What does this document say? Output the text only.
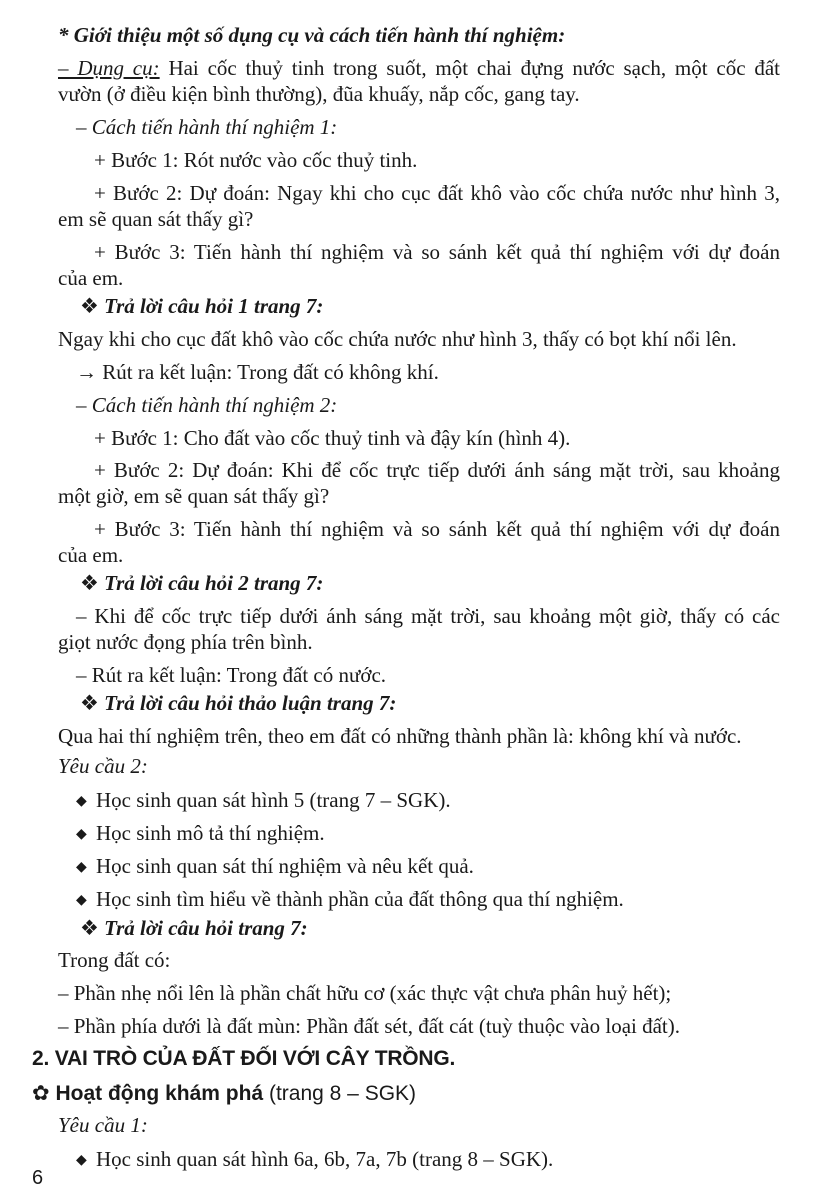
* Giới thiệu một số dụng cụ và cách tiến hành thí nghiệm:
– Dụng cụ: Hai cốc thuỷ tinh trong suốt, một chai đựng nước sạch, một cốc đất
vườn (ở điều kiện bình thường), đũa khuấy, nắp cốc, gang tay.
– Cách tiến hành thí nghiệm 1:
+ Bước 1: Rót nước vào cốc thuỷ tinh.
+ Bước 2: Dự đoán: Ngay khi cho cục đất khô vào cốc chứa nước như hình 3,
em sẽ quan sát thấy gì?
+ Bước 3: Tiến hành thí nghiệm và so sánh kết quả thí nghiệm với dự đoán
của em.
❖ Trả lời câu hỏi 1 trang 7:
Ngay khi cho cục đất khô vào cốc chứa nước như hình 3, thấy có bọt khí nổi lên.
→ Rút ra kết luận: Trong đất có không khí.
– Cách tiến hành thí nghiệm 2:
+ Bước 1: Cho đất vào cốc thuỷ tinh và đậy kín (hình 4).
+ Bước 2: Dự đoán: Khi để cốc trực tiếp dưới ánh sáng mặt trời, sau khoảng
một giờ, em sẽ quan sát thấy gì?
+ Bước 3: Tiến hành thí nghiệm và so sánh kết quả thí nghiệm với dự đoán
của em.
❖ Trả lời câu hỏi 2 trang 7:
– Khi để cốc trực tiếp dưới ánh sáng mặt trời, sau khoảng một giờ, thấy có các
giọt nước đọng phía trên bình.
– Rút ra kết luận: Trong đất có nước.
❖ Trả lời câu hỏi thảo luận trang 7:
Qua hai thí nghiệm trên, theo em đất có những thành phần là: không khí và nước.
Yêu cầu 2:
◆ Học sinh quan sát hình 5 (trang 7 – SGK).
◆ Học sinh mô tả thí nghiệm.
◆ Học sinh quan sát thí nghiệm và nêu kết quả.
◆ Học sinh tìm hiểu về thành phần của đất thông qua thí nghiệm.
❖ Trả lời câu hỏi trang 7:
Trong đất có:
– Phần nhẹ nổi lên là phần chất hữu cơ (xác thực vật chưa phân huỷ hết);
– Phần phía dưới là đất mùn: Phần đất sét, đất cát (tuỳ thuộc vào loại đất).
2. VAI TRÒ CỦA ĐẤT ĐỐI VỚI CÂY TRỒNG.
✿ Hoạt động khám phá (trang 8 – SGK)
Yêu cầu 1:
◆ Học sinh quan sát hình 6a, 6b, 7a, 7b (trang 8 – SGK).
6
